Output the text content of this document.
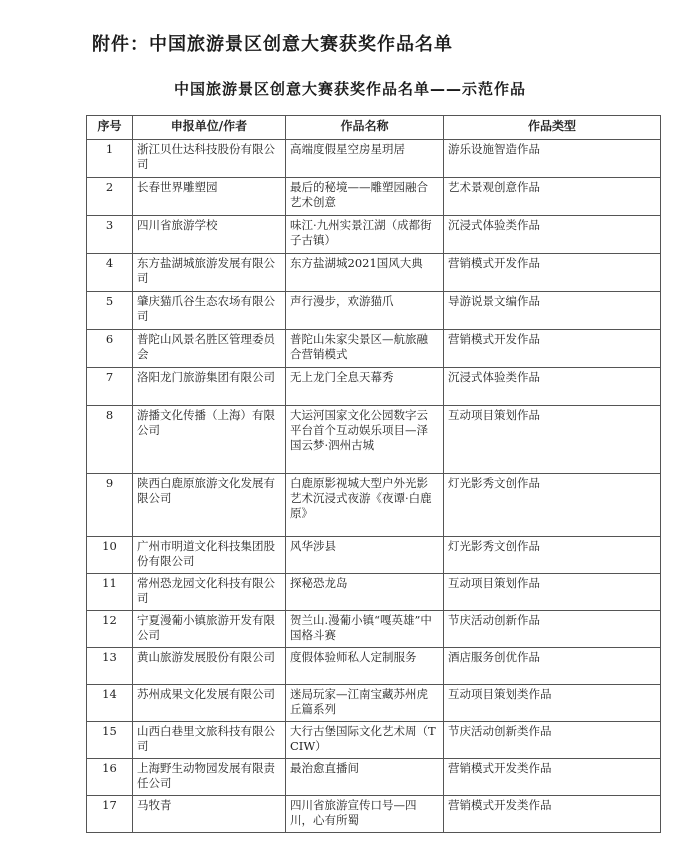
附件：中国旅游景区创意大赛获奖作品名单
中国旅游景区创意大赛获奖作品名单——示范作品
序号	申报单位/作者	作品名称	作品类型
1	浙江贝仕达科技股份有限公司	高端度假星空房星玥居	游乐设施智造作品
2	长春世界雕塑园	最后的秘境——雕塑园融合艺术创意	艺术景观创意作品
3	四川省旅游学校	味江·九州实景江湖（成都街子古镇）	沉浸式体验类作品
4	东方盐湖城旅游发展有限公司	东方盐湖城2021国风大典	营销模式开发作品
5	肇庆猫爪谷生态农场有限公司	声行漫步，欢游猫爪	导游说景文编作品
6	普陀山风景名胜区管理委员会	普陀山朱家尖景区—航旅融合营销模式	营销模式开发作品
7	洛阳龙门旅游集团有限公司	无上龙门全息天幕秀	沉浸式体验类作品
8	游播文化传播（上海）有限公司	大运河国家文化公园数字云平台首个互动娱乐项目—泽国云梦·泗州古城	互动项目策划作品
9	陕西白鹿原旅游文化发展有限公司	白鹿原影视城大型户外光影艺术沉浸式夜游《夜谭·白鹿原》	灯光影秀文创作品
10	广州市明道文化科技集团股份有限公司	风华涉县	灯光影秀文创作品
11	常州恐龙园文化科技有限公司	探秘恐龙岛	互动项目策划作品
12	宁夏漫葡小镇旅游开发有限公司	贺兰山.漫葡小镇“嘎英雄”中国格斗赛	节庆活动创新作品
13	黄山旅游发展股份有限公司	度假体验师私人定制服务	酒店服务创优作品
14	苏州成果文化发展有限公司	迷局玩家—江南宝藏苏州虎丘篇系列	互动项目策划类作品
15	山西白巷里文旅科技有限公司	大行古堡国际文化艺术周（TCIW）	节庆活动创新类作品
16	上海野生动物园发展有限责任公司	最治愈直播间	营销模式开发类作品
17	马牧青	四川省旅游宣传口号—四川，心有所蜀	营销模式开发类作品
